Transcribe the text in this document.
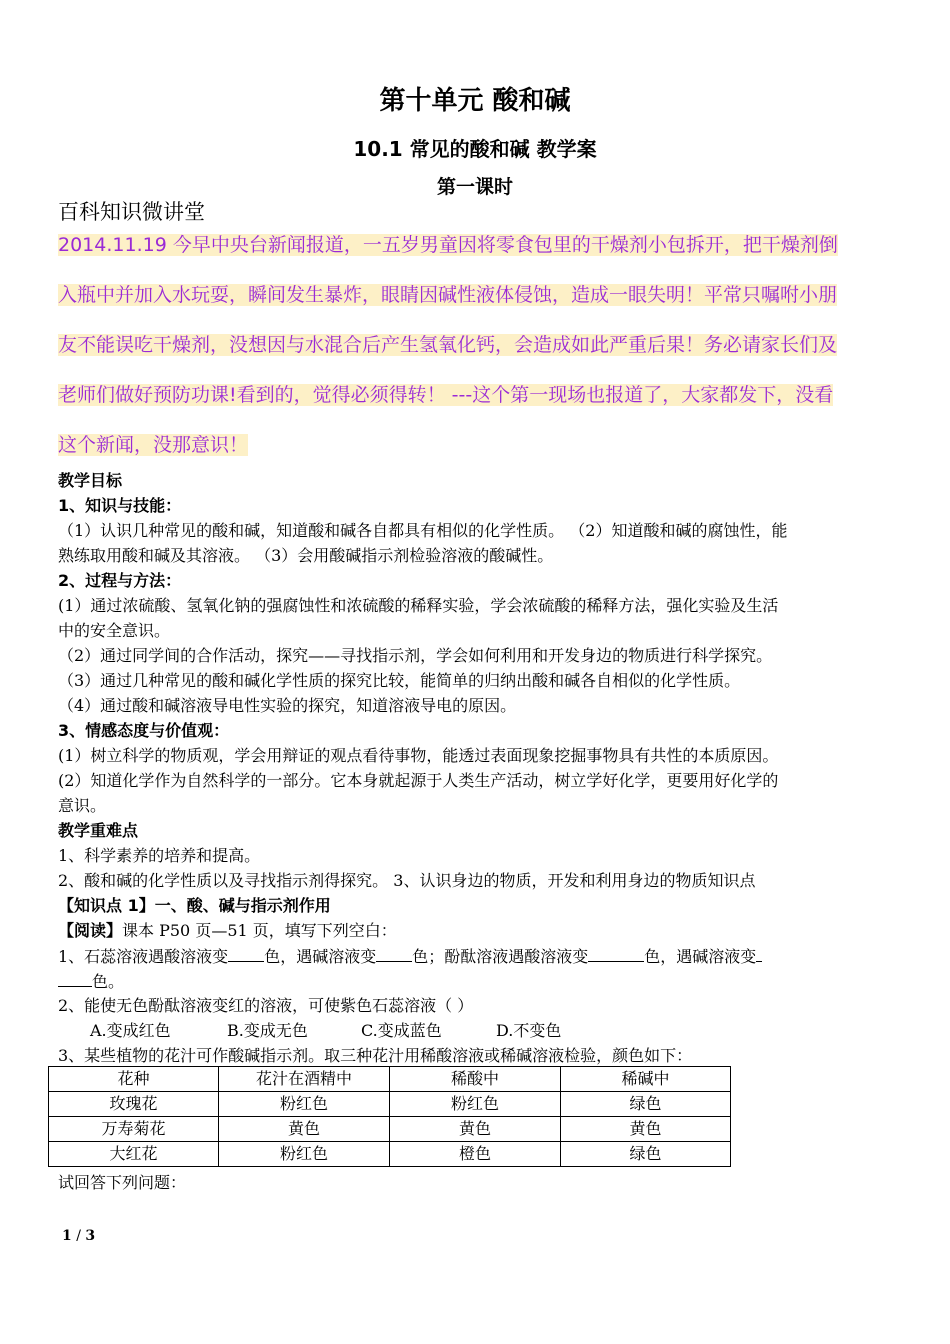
第十单元 酸和碱
10.1 常见的酸和碱 教学案
第一课时
百科知识微讲堂
2014.11.19 今早中央台新闻报道，一五岁男童因将零食包里的干燥剂小包拆开，把干燥剂倒
入瓶中并加入水玩耍，瞬间发生暴炸，眼睛因碱性液体侵蚀，造成一眼失明！平常只嘱咐小朋
友不能误吃干燥剂，没想因与水混合后产生氢氧化钙，会造成如此严重后果！务必请家长们及
老师们做好预防功课!看到的，觉得必须得转！ ---这个第一现场也报道了，大家都发下，没看
这个新闻，没那意识！
教学目标
1、知识与技能：
（1）认识几种常见的酸和碱，知道酸和碱各自都具有相似的化学性质。 （2）知道酸和碱的腐蚀性，能
熟练取用酸和碱及其溶液。 （3）会用酸碱指示剂检验溶液的酸碱性。
2、过程与方法：
(1）通过浓硫酸、氢氧化钠的强腐蚀性和浓硫酸的稀释实验，学会浓硫酸的稀释方法，强化实验及生活
中的安全意识。
（2）通过同学间的合作活动，探究——寻找指示剂，学会如何利用和开发身边的物质进行科学探究。
（3）通过几种常见的酸和碱化学性质的探究比较，能简单的归纳出酸和碱各自相似的化学性质。
（4）通过酸和碱溶液导电性实验的探究，知道溶液导电的原因。
3、情感态度与价值观：
(1）树立科学的物质观，学会用辩证的观点看待事物，能透过表面现象挖掘事物具有共性的本质原因。
(2）知道化学作为自然科学的一部分。它本身就起源于人类生产活动，树立学好化学，更要用好化学的
意识。
教学重难点
1、科学素养的培养和提高。
2、酸和碱的化学性质以及寻找指示剂得探究。 3、认识身边的物质，开发和利用身边的物质知识点
【知识点 1】一、酸、碱与指示剂作用
【阅读】课本 P50 页—51 页，填写下列空白：
1、石蕊溶液遇酸溶液变 色，遇碱溶液变 色；酚酞溶液遇酸溶液变	色，遇碱溶液变
色。
2、能使无色酚酞溶液变红的溶液，可使紫色石蕊溶液（ ）
A.变成红色	B.变成无色	C.变成蓝色	D.不变色
3、某些植物的花汁可作酸碱指示剂。取三种花汁用稀酸溶液或稀碱溶液检验，颜色如下：
花种	花汁在酒精中	稀酸中	稀碱中
玫瑰花	粉红色	粉红色	绿色
万寿菊花	黄色	黄色	黄色
大红花	粉红色	橙色	绿色
试回答下列问题：
1 / 3
